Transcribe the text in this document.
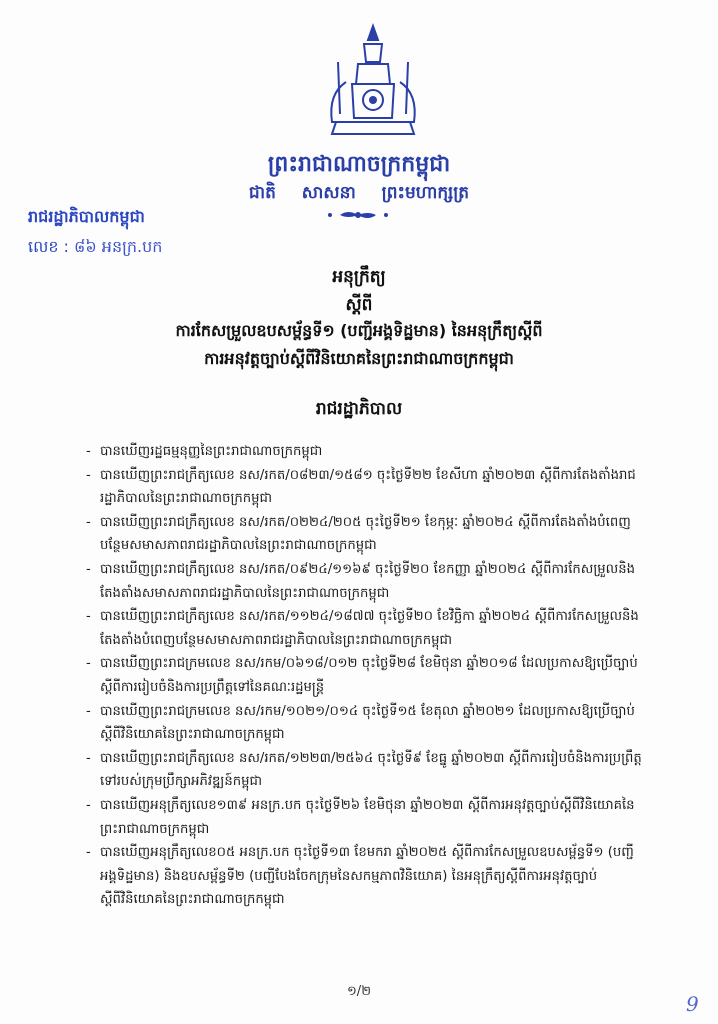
ព្រះរាជាណាចក្រកម្ពុជា
ជាតិ សាសនា ព្រះមហាក្សត្រ
រាជរដ្ឋាភិបាលកម្ពុជា
លេខ : ៨៦ អនក្រ.បក
អនុក្រឹត្យ
ស្តីពី
ការកែសម្រួលឧបសម្ព័ន្ធទី១ (បញ្ជីអង្គទិដ្ឋមាន) នៃអនុក្រឹត្យស្តីពី
ការអនុវត្តច្បាប់ស្តីពីវិនិយោគនៃព្រះរាជាណាចក្រកម្ពុជា
រាជរដ្ឋាភិបាល
- បានឃើញរដ្ឋធម្មនុញ្ញនៃព្រះរាជាណាចក្រកម្ពុជា
- បានឃើញព្រះរាជក្រឹត្យលេខ នស/រកត/០៨២៣/១៥៨១ ចុះថ្ងៃទី២២ ខែសីហា ឆ្នាំ២០២៣ ស្តីពីការតែងតាំងរាជរដ្ឋាភិបាលនៃព្រះរាជាណាចក្រកម្ពុជា
- បានឃើញព្រះរាជក្រឹត្យលេខ នស/រកត/០២២៤/២០៥ ចុះថ្ងៃទី២១ ខែកុម្ភៈ ឆ្នាំ២០២៤ ស្តីពីការតែងតាំងបំពេញបន្ថែមសមាសភាពរាជរដ្ឋាភិបាលនៃព្រះរាជាណាចក្រកម្ពុជា
- បានឃើញព្រះរាជក្រឹត្យលេខ នស/រកត/០៩២៤/១១៦៩ ចុះថ្ងៃទី២០ ខែកញ្ញា ឆ្នាំ២០២៤ ស្តីពីការកែសម្រួលនិងតែងតាំងសមាសភាពរាជរដ្ឋាភិបាលនៃព្រះរាជាណាចក្រកម្ពុជា
- បានឃើញព្រះរាជក្រឹត្យលេខ នស/រកត/១១២៤/១៨៧៧ ចុះថ្ងៃទី២០ ខែវិច្ឆិកា ឆ្នាំ២០២៤ ស្តីពីការកែសម្រួលនិងតែងតាំងបំពេញបន្ថែមសមាសភាពរាជរដ្ឋាភិបាលនៃព្រះរាជាណាចក្រកម្ពុជា
- បានឃើញព្រះរាជក្រមលេខ នស/រកម/០៦១៨/០១២ ចុះថ្ងៃទី២៨ ខែមិថុនា ឆ្នាំ២០១៨ ដែលប្រកាសឱ្យប្រើច្បាប់ស្តីពីការរៀបចំនិងការប្រព្រឹត្តទៅនៃគណៈរដ្ឋមន្ត្រី
- បានឃើញព្រះរាជក្រមលេខ នស/រកម/១០២១/០១៤ ចុះថ្ងៃទី១៥ ខែតុលា ឆ្នាំ២០២១ ដែលប្រកាសឱ្យប្រើច្បាប់ស្តីពីវិនិយោគនៃព្រះរាជាណាចក្រកម្ពុជា
- បានឃើញព្រះរាជក្រឹត្យលេខ នស/រកត/១២២៣/២៥៦៤ ចុះថ្ងៃទី៩ ខែធ្នូ ឆ្នាំ២០២៣ ស្តីពីការរៀបចំនិងការប្រព្រឹត្តទៅរបស់ក្រុមប្រឹក្សាអភិវឌ្ឍន៍កម្ពុជា
- បានឃើញអនុក្រឹត្យលេខ១៣៩ អនក្រ.បក ចុះថ្ងៃទី២៦ ខែមិថុនា ឆ្នាំ២០២៣ ស្តីពីការអនុវត្តច្បាប់ស្តីពីវិនិយោគនៃព្រះរាជាណាចក្រកម្ពុជា
- បានឃើញអនុក្រឹត្យលេខ០៥ អនក្រ.បក ចុះថ្ងៃទី១៣ ខែមករា ឆ្នាំ២០២៥ ស្តីពីការកែសម្រួលឧបសម្ព័ន្ធទី១ (បញ្ជីអង្គទិដ្ឋមាន) និងឧបសម្ព័ន្ធទី២ (បញ្ជីបែងចែកក្រុមនៃសកម្មភាពវិនិយោគ) នៃអនុក្រឹត្យស្តីពីការអនុវត្តច្បាប់ស្តីពីវិនិយោគនៃព្រះរាជាណាចក្រកម្ពុជា
១/២
9
